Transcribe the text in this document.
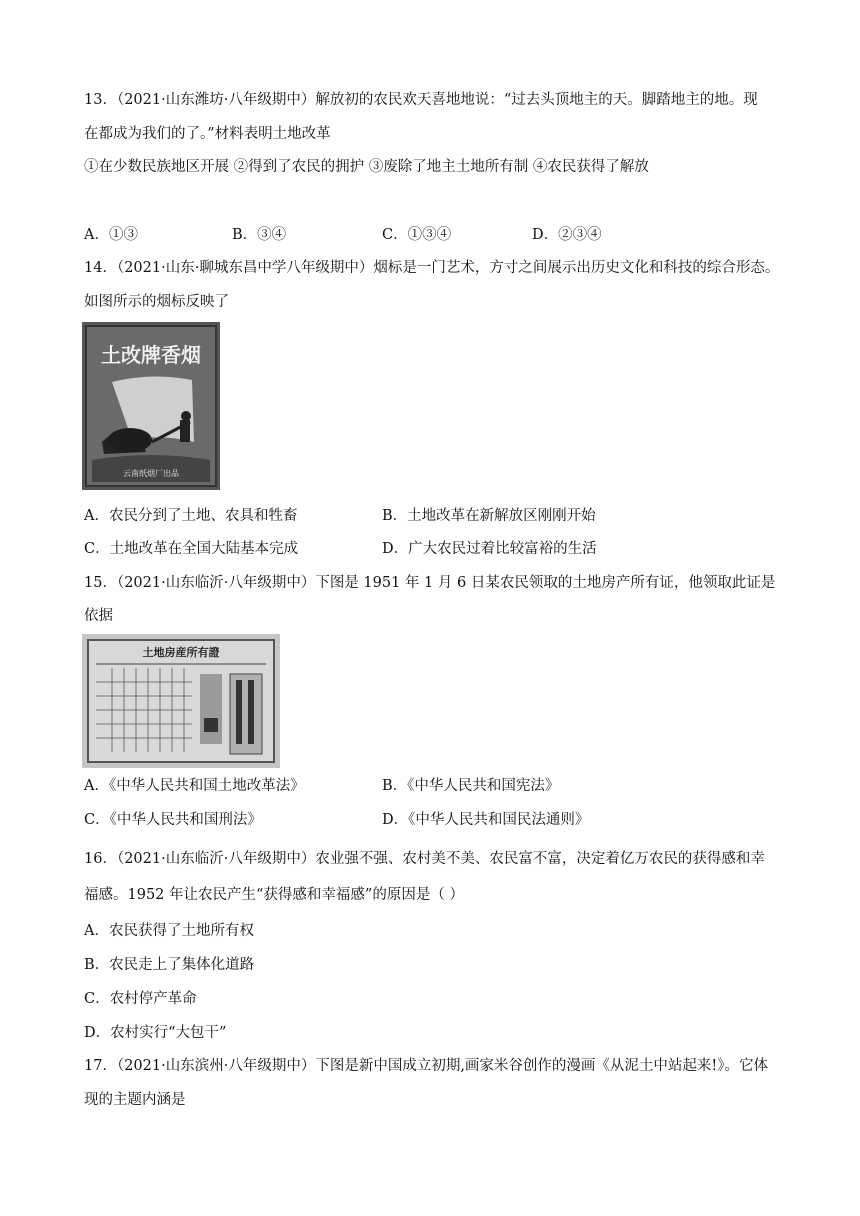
13．（2021·山东潍坊·八年级期中）解放初的农民欢天喜地地说：“过去头顶地主的天。脚踏地主的地。现
在都成为我们的了。”材料表明土地改革
①在少数民族地区开展 ②得到了农民的拥护 ③废除了地主土地所有制 ④农民获得了解放
A．①③	B．③④	C．①③④	D．②③④
14．（2021·山东·聊城东昌中学八年级期中）烟标是一门艺术，方寸之间展示出历史文化和科技的综合形态。
如图所示的烟标反映了
土改牌香烟
云南纸烟厂出品
A．农民分到了土地、农具和牲畜	B．土地改革在新解放区刚刚开始
C．土地改革在全国大陆基本完成	D．广大农民过着比较富裕的生活
15．（2021·山东临沂·八年级期中）下图是 1951 年 1 月 6 日某农民领取的土地房产所有证，他领取此证是
依据
土地房産所有證
A．《中华人民共和国土地改革法》	B．《中华人民共和国宪法》
C．《中华人民共和国刑法》	D．《中华人民共和国民法通则》
16．（2021·山东临沂·八年级期中）农业强不强、农村美不美、农民富不富，决定着亿万农民的获得感和幸
福感。1952 年让农民产生“获得感和幸福感”的原因是（ ）
A．农民获得了土地所有权
B．农民走上了集体化道路
C．农村停产革命
D．农村实行“大包干”
17．（2021·山东滨州·八年级期中）下图是新中国成立初期,画家米谷创作的漫画《从泥土中站起来!》。它体
现的主题内涵是
